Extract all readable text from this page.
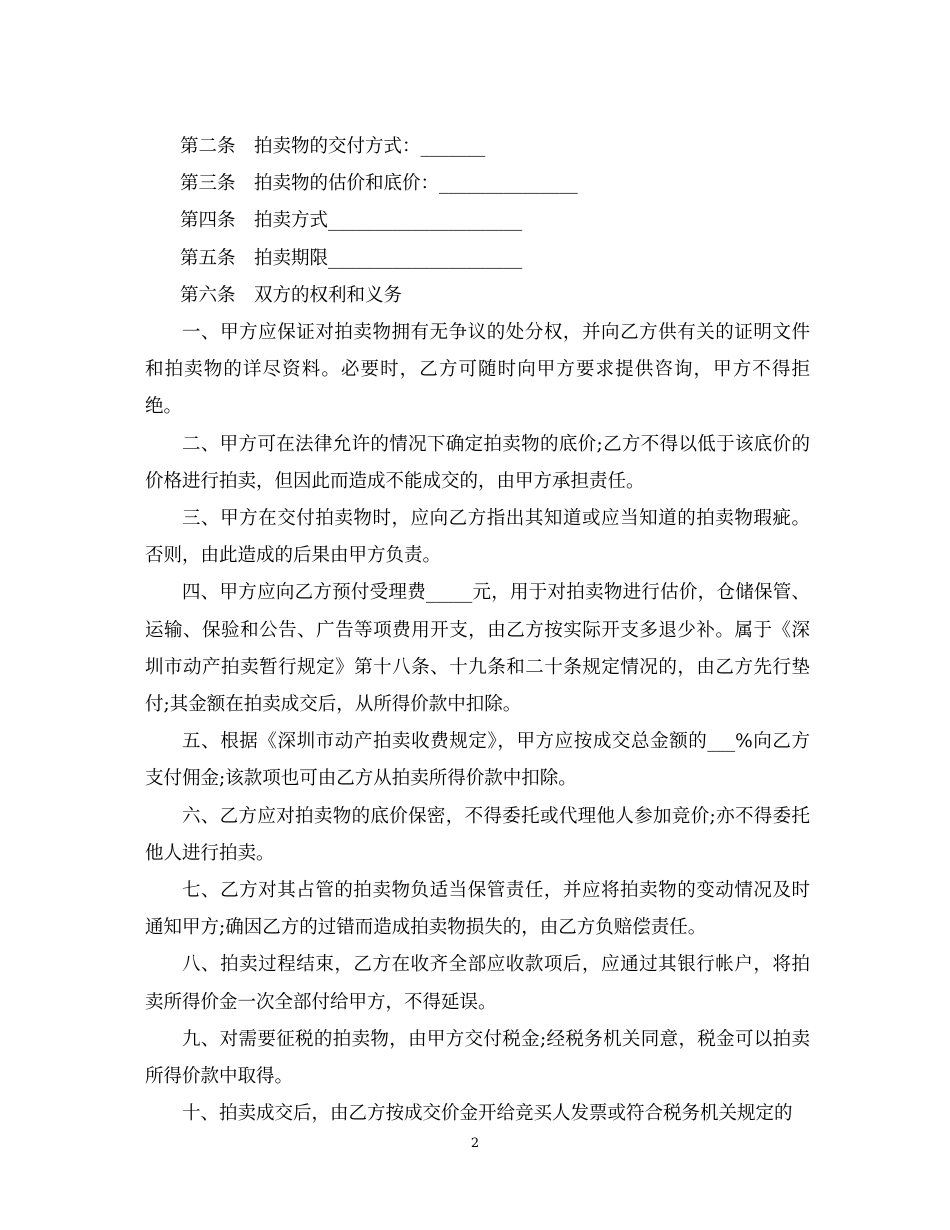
第二条　拍卖物的交付方式：_______

第三条　拍卖物的估价和底价：_______________

第四条　拍卖方式_____________________

第五条　拍卖期限_____________________

第六条　双方的权利和义务

一、甲方应保证对拍卖物拥有无争议的处分权，并向乙方供有关的证明文件和拍卖物的详尽资料。必要时，乙方可随时向甲方要求提供咨询，甲方不得拒绝。

二、甲方可在法律允许的情况下确定拍卖物的底价;乙方不得以低于该底价的价格进行拍卖，但因此而造成不能成交的，由甲方承担责任。

三、甲方在交付拍卖物时，应向乙方指出其知道或应当知道的拍卖物瑕疵。否则，由此造成的后果由甲方负责。

四、甲方应向乙方预付受理费_____元，用于对拍卖物进行估价，仓储保管、运输、保验和公告、广告等项费用开支，由乙方按实际开支多退少补。属于《深圳市动产拍卖暂行规定》第十八条、十九条和二十条规定情况的，由乙方先行垫付;其金额在拍卖成交后，从所得价款中扣除。

五、根据《深圳市动产拍卖收费规定》，甲方应按成交总金额的___%向乙方支付佣金;该款项也可由乙方从拍卖所得价款中扣除。

六、乙方应对拍卖物的底价保密，不得委托或代理他人参加竞价;亦不得委托他人进行拍卖。

七、乙方对其占管的拍卖物负适当保管责任，并应将拍卖物的变动情况及时通知甲方;确因乙方的过错而造成拍卖物损失的，由乙方负赔偿责任。

八、拍卖过程结束，乙方在收齐全部应收款项后，应通过其银行帐户，将拍卖所得价金一次全部付给甲方，不得延误。

九、对需要征税的拍卖物，由甲方交付税金;经税务机关同意，税金可以拍卖所得价款中取得。

十、拍卖成交后，由乙方按成交价金开给竞买人发票或符合税务机关规定的

2
